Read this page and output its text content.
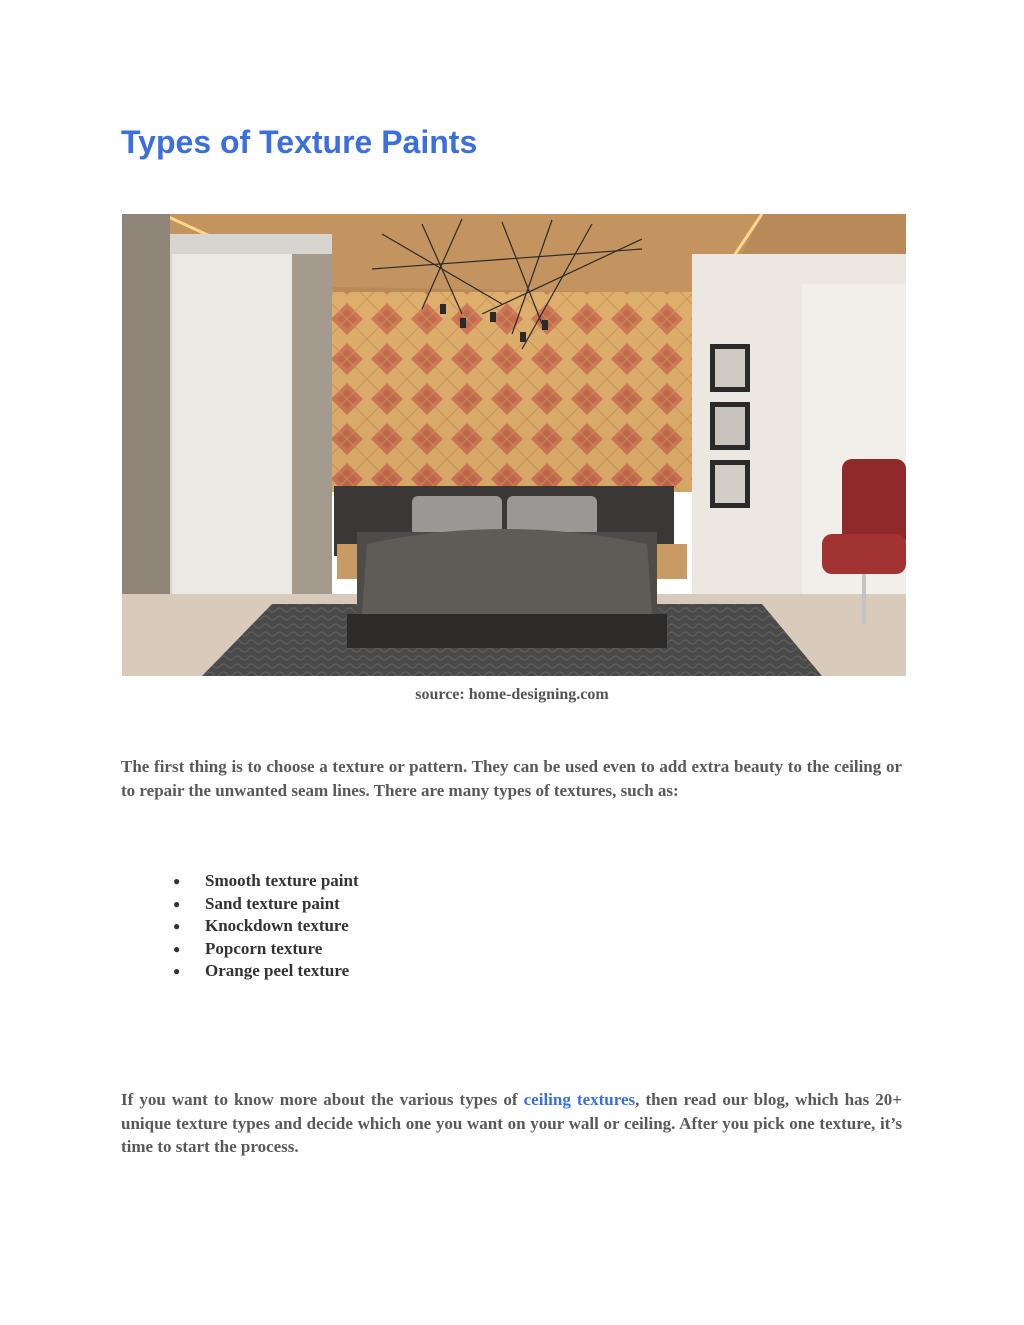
Types of Texture Paints
source: home-designing.com

The first thing is to choose a texture or pattern. They can be used even to add extra beauty to the ceiling or to repair the unwanted seam lines. There are many types of textures, such as:

● Smooth texture paint
● Sand texture paint
● Knockdown texture
● Popcorn texture
● Orange peel texture

If you want to know more about the various types of ceiling textures, then read our blog, which has 20+ unique texture types and decide which one you want on your wall or ceiling. After you pick one texture, it’s time to start the process.
